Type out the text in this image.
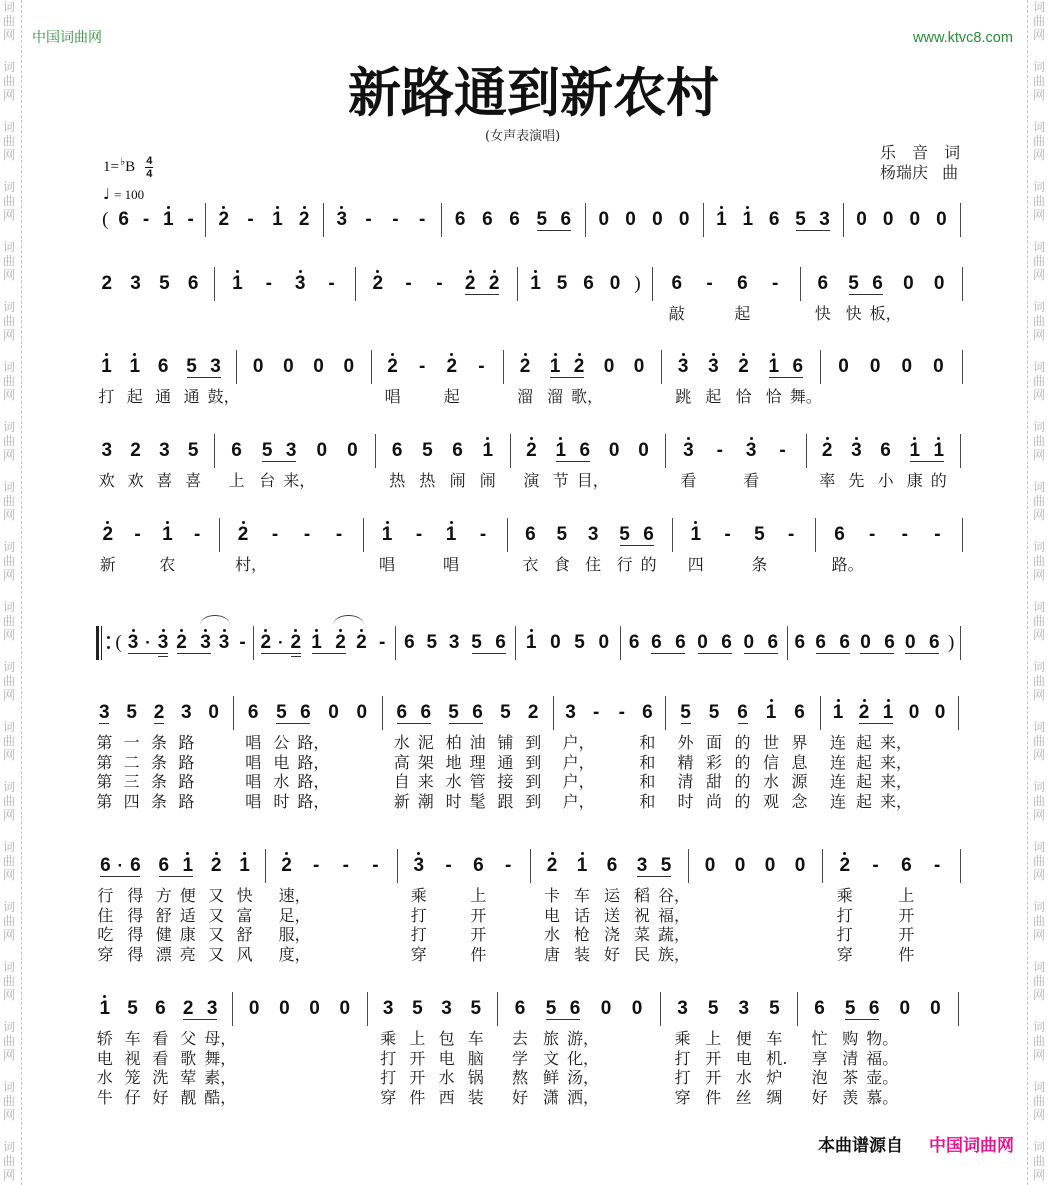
词
曲
网
词
曲
网
词
曲
网
词
曲
网
词
曲
网
词
曲
网
词
曲
网
词
曲
网
词
曲
网
词
曲
网
词
曲
网
词
曲
网
词
曲
网
词
曲
网
词
曲
网
词
曲
网
词
曲
网
词
曲
网
词
曲
网
词
曲
网
词
曲
网
词
曲
网
词
曲
网
词
曲
网
词
曲
网
词
曲
网
词
曲
网
词
曲
网
词
曲
网
词
曲
网
词
曲
网
词
曲
网
词
曲
网
词
曲
网
词
曲
网
词
曲
网
词
曲
网
词
曲
网
词
曲
网
词
曲
网
中国词曲网	www.ktvc8.com
新路通到新农村
(女声表演唱)
乐 音 词
杨瑞庆 曲
1= ♭ B $\frac{4}{4}$
♩ = 100
( 6 - 1 - 2 - 1 2 3 - - - 6 6 6 5 6 0 0 0 0 1 1 6 5 3 0 0 0 0
2 3 5 6 1 - 3 - 2 - - 2 2 1 5 6 0 ) 6
敲
- 6
起
- 6
快
5
快
6
板，
0 0
1
打
1
起
6
通
5
通
3
鼓，
0 0 0 0 2
唱
- 2
起
- 2
溜
1
溜
2
歌，
0 0 3
跳
3
起
2
恰
1
恰
6
舞。
0 0 0 0
3
欢
2
欢
3
喜
5
喜
6
上
5
台
3
来，
0 0 6
热
5
热
6
闹
1
闹
2
演
1
节
6
目，
0 0 3
看
- 3
看
- 2
率
3
先
6
小
1
康
1
的
2
新
- 1
农
- 2
村，
- - - 1
唱
- 1
唱
- 6
衣
5
食
3
住
5
行
6
的
1
四
- 5
条
- 6
路。
- - -
( 3 · 3 2 3 3 - 2 · 2 1 2 2 - 6 5 3 5 6 1 0 5 0 6 6 6 0 6 0 6 6 6 6 0 6 0 6 )
3
第
第
第
第
5
一
二
三
四
2
条
条
条
条
3
路
路
路
路
0 6
唱
唱
唱
唱
5
公
电
水
时
6
路，
路，
路，
路，
0 0 6
水
高
自
新
6
泥
架
来
潮
5
柏
地
水
时
6
油
理
管
髦
5
铺
通
接
跟
2
到
到
到
到
3
户，
户，
户，
户，
- - 6
和
和
和
和
5
外
精
清
时
5
面
彩
甜
尚
6
的
的
的
的
1
世
信
水
观
6
界
息
源
念
1
连
连
连
连
2
起
起
起
起
1
来，
来，
来，
来，
0 0
6
行
住
吃
穿
· 6
得
得
得
得
6
方
舒
健
漂
1
便
适
康
亮
2
又
又
又
又
1
快
富
舒
风
2
速，
足，
服，
度，
- - - 3
乘
打
打
穿
- 6
上
开
开
件
- 2
卡
电
水
唐
1
车
话
枪
装
6
运
送
浇
好
3
稻
祝
菜
民
5
谷，
福，
蔬，
族，
0 0 0 0 2
乘
打
打
穿
- 6
上
开
开
件
-
1
轿
电
水
牛
5
车
视
笼
仔
6
看
看
洗
好
2
父
歌
荤
靓
3
母，
舞，
素，
酷，
0 0 0 0 3
乘
打
打
穿
5
上
开
开
件
3
包
电
水
西
5
车
脑
锅
装
6
去
学
熬
好
5
旅
文
鲜
潇
6
游，
化，
汤，
洒，
0 0 3
乘
打
打
穿
5
上
开
开
件
3
便
电
水
丝
5
车
机.
炉
绸
6
忙
享
泡
好
5
购
清
茶
羡
6
物。
福。
壶。
慕。
0 0
本曲谱源自 中国词曲网
